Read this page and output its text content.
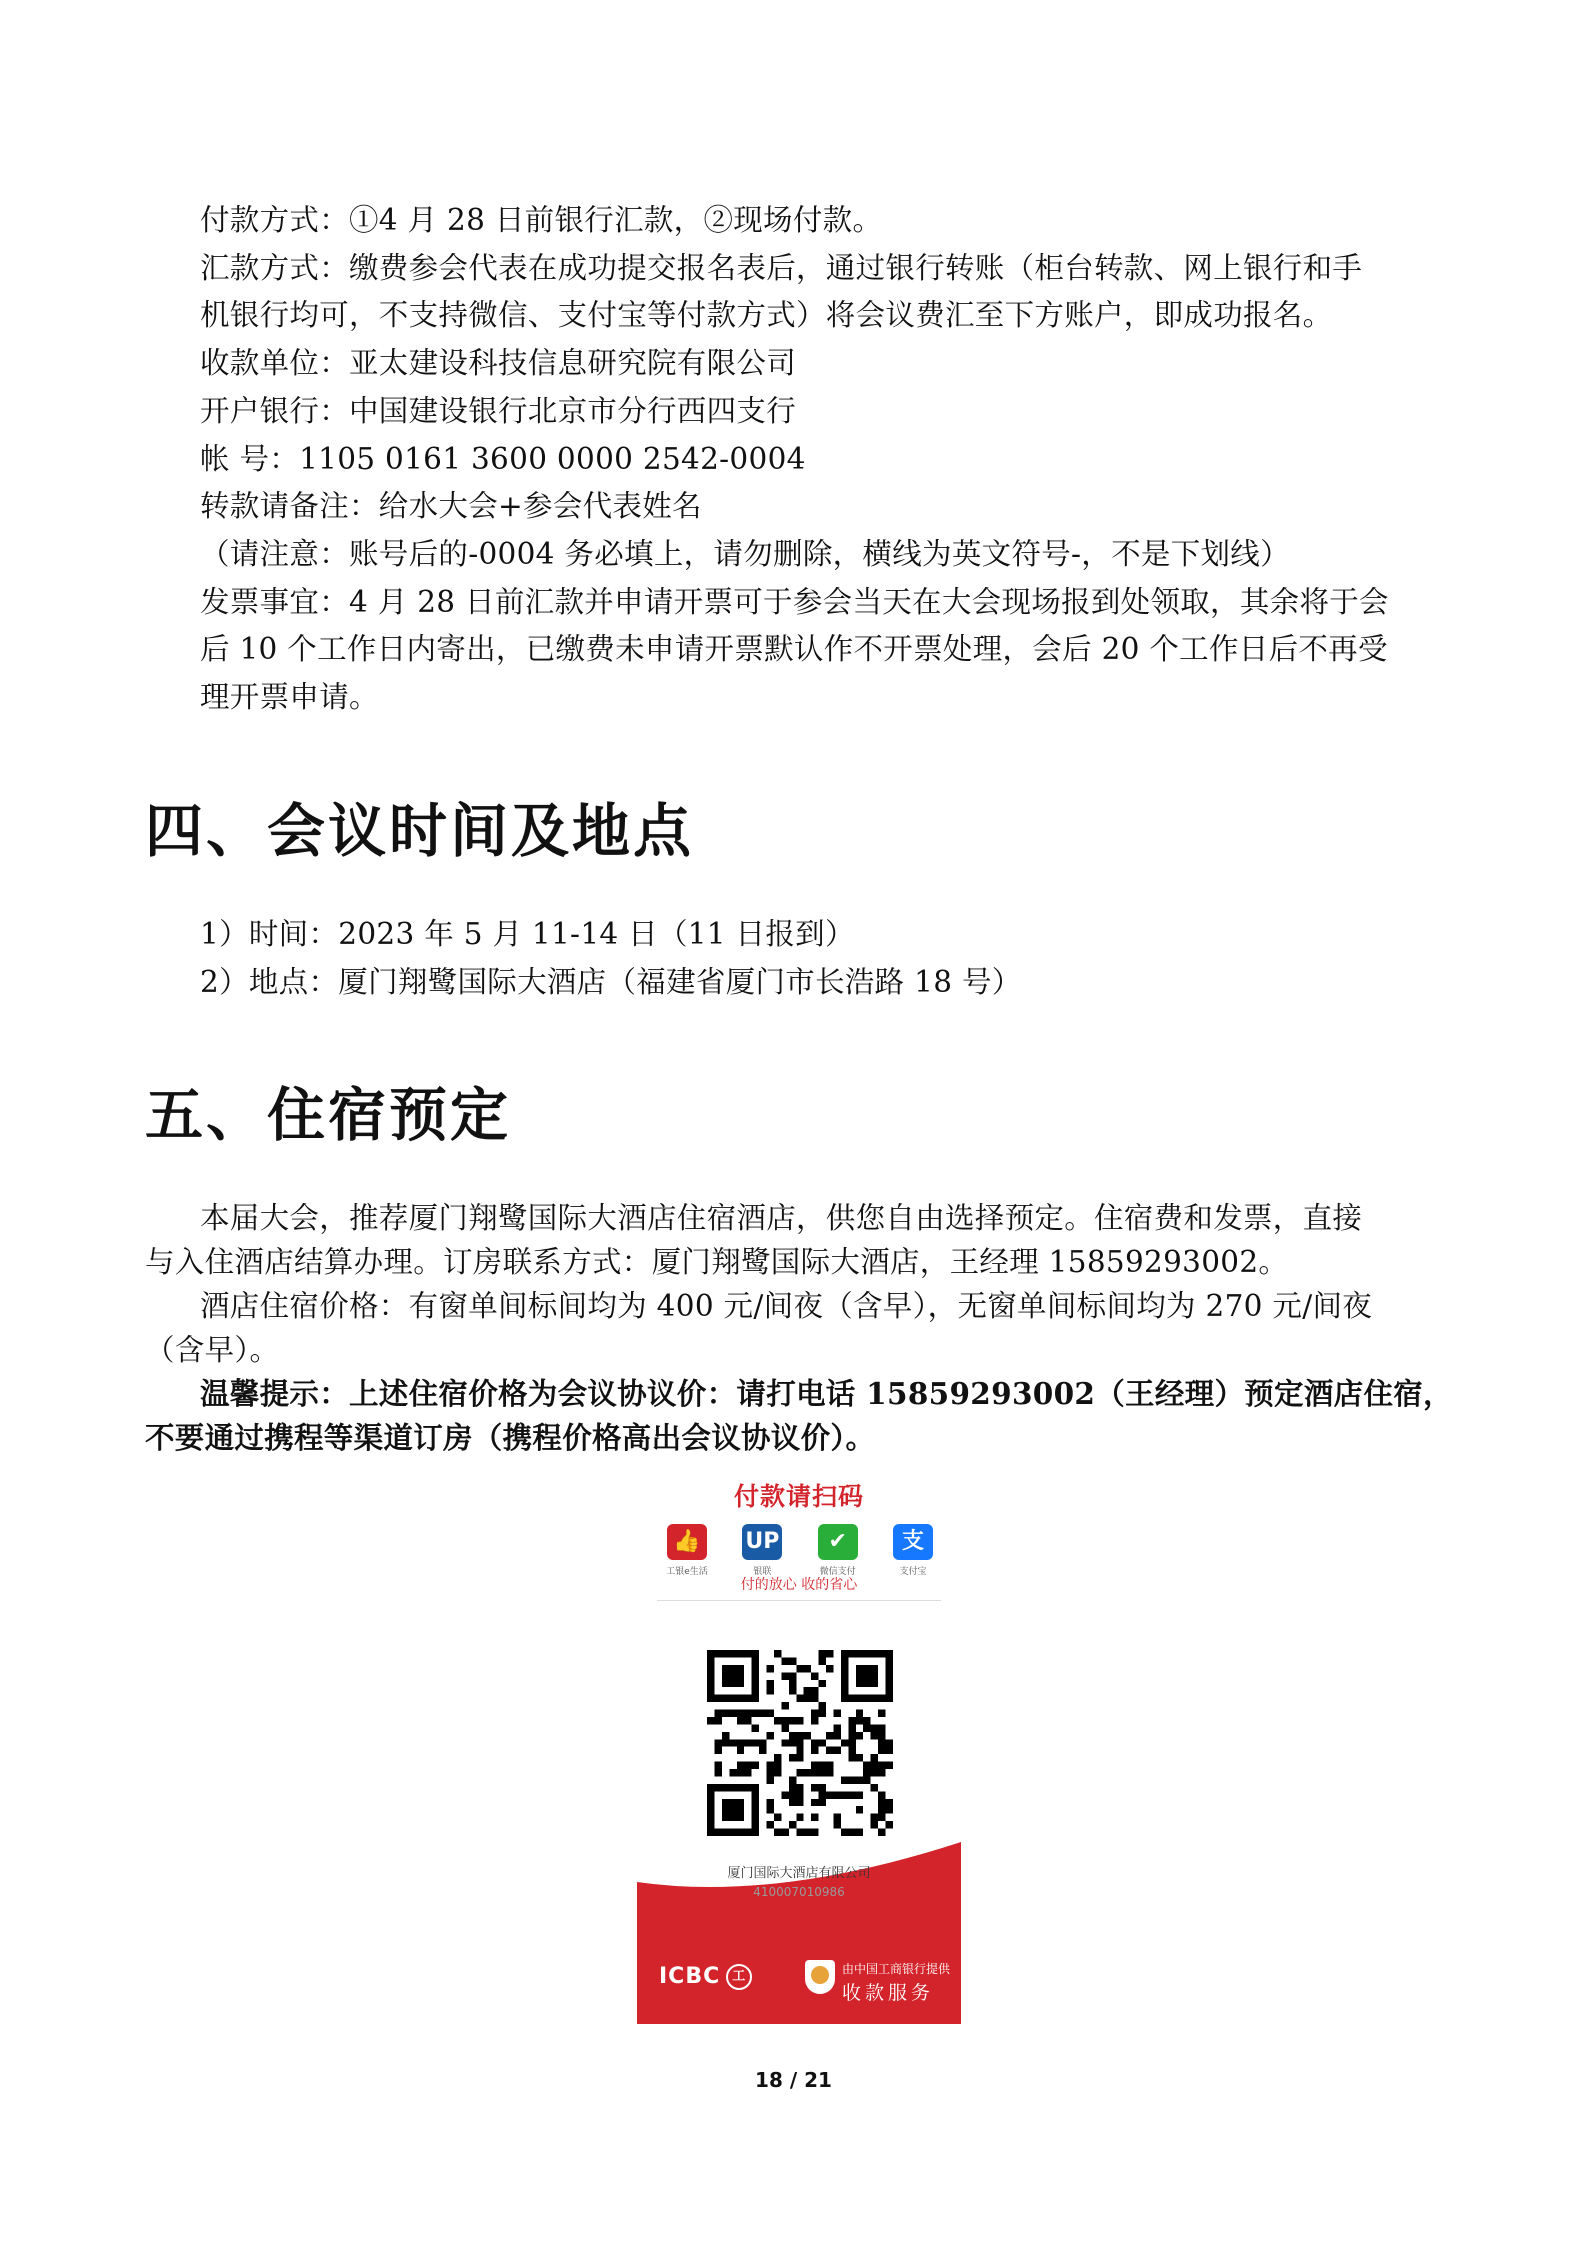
付款方式：①4 月 28 日前银行汇款，②现场付款。
汇款方式：缴费参会代表在成功提交报名表后，通过银行转账（柜台转款、网上银行和手
机银行均可，不支持微信、支付宝等付款方式）将会议费汇至下方账户，即成功报名。
收款单位：亚太建设科技信息研究院有限公司
开户银行：中国建设银行北京市分行西四支行
帐 号：1105 0161 3600 0000 2542-0004
转款请备注：给水大会+参会代表姓名
（请注意：账号后的-0004 务必填上，请勿删除，横线为英文符号-，不是下划线）
发票事宜：4 月 28 日前汇款并申请开票可于参会当天在大会现场报到处领取，其余将于会
后 10 个工作日内寄出，已缴费未申请开票默认作不开票处理，会后 20 个工作日后不再受
理开票申请。
四、会议时间及地点
1）时间：2023 年 5 月 11-14 日（11 日报到）
2）地点：厦门翔鹭国际大酒店（福建省厦门市长浩路 18 号）
五、住宿预定
本届大会，推荐厦门翔鹭国际大酒店住宿酒店，供您自由选择预定。住宿费和发票，直接
与入住酒店结算办理。订房联系方式：厦门翔鹭国际大酒店，王经理 15859293002。
酒店住宿价格：有窗单间标间均为 400 元/间夜（含早），无窗单间标间均为 270 元/间夜
（含早）。
温馨提示：上述住宿价格为会议协议价：请打电话 15859293002（王经理）预定酒店住宿，
不要通过携程等渠道订房（携程价格高出会议协议价）。
付款请扫码
👍
工银e生活
UP
银联
✔
微信支付
支
支付宝
付的放心 收的省心
厦门国际大酒店有限公司
410007010986
ICBC 工	由中国工商银行提供
收款服务
18 / 21
